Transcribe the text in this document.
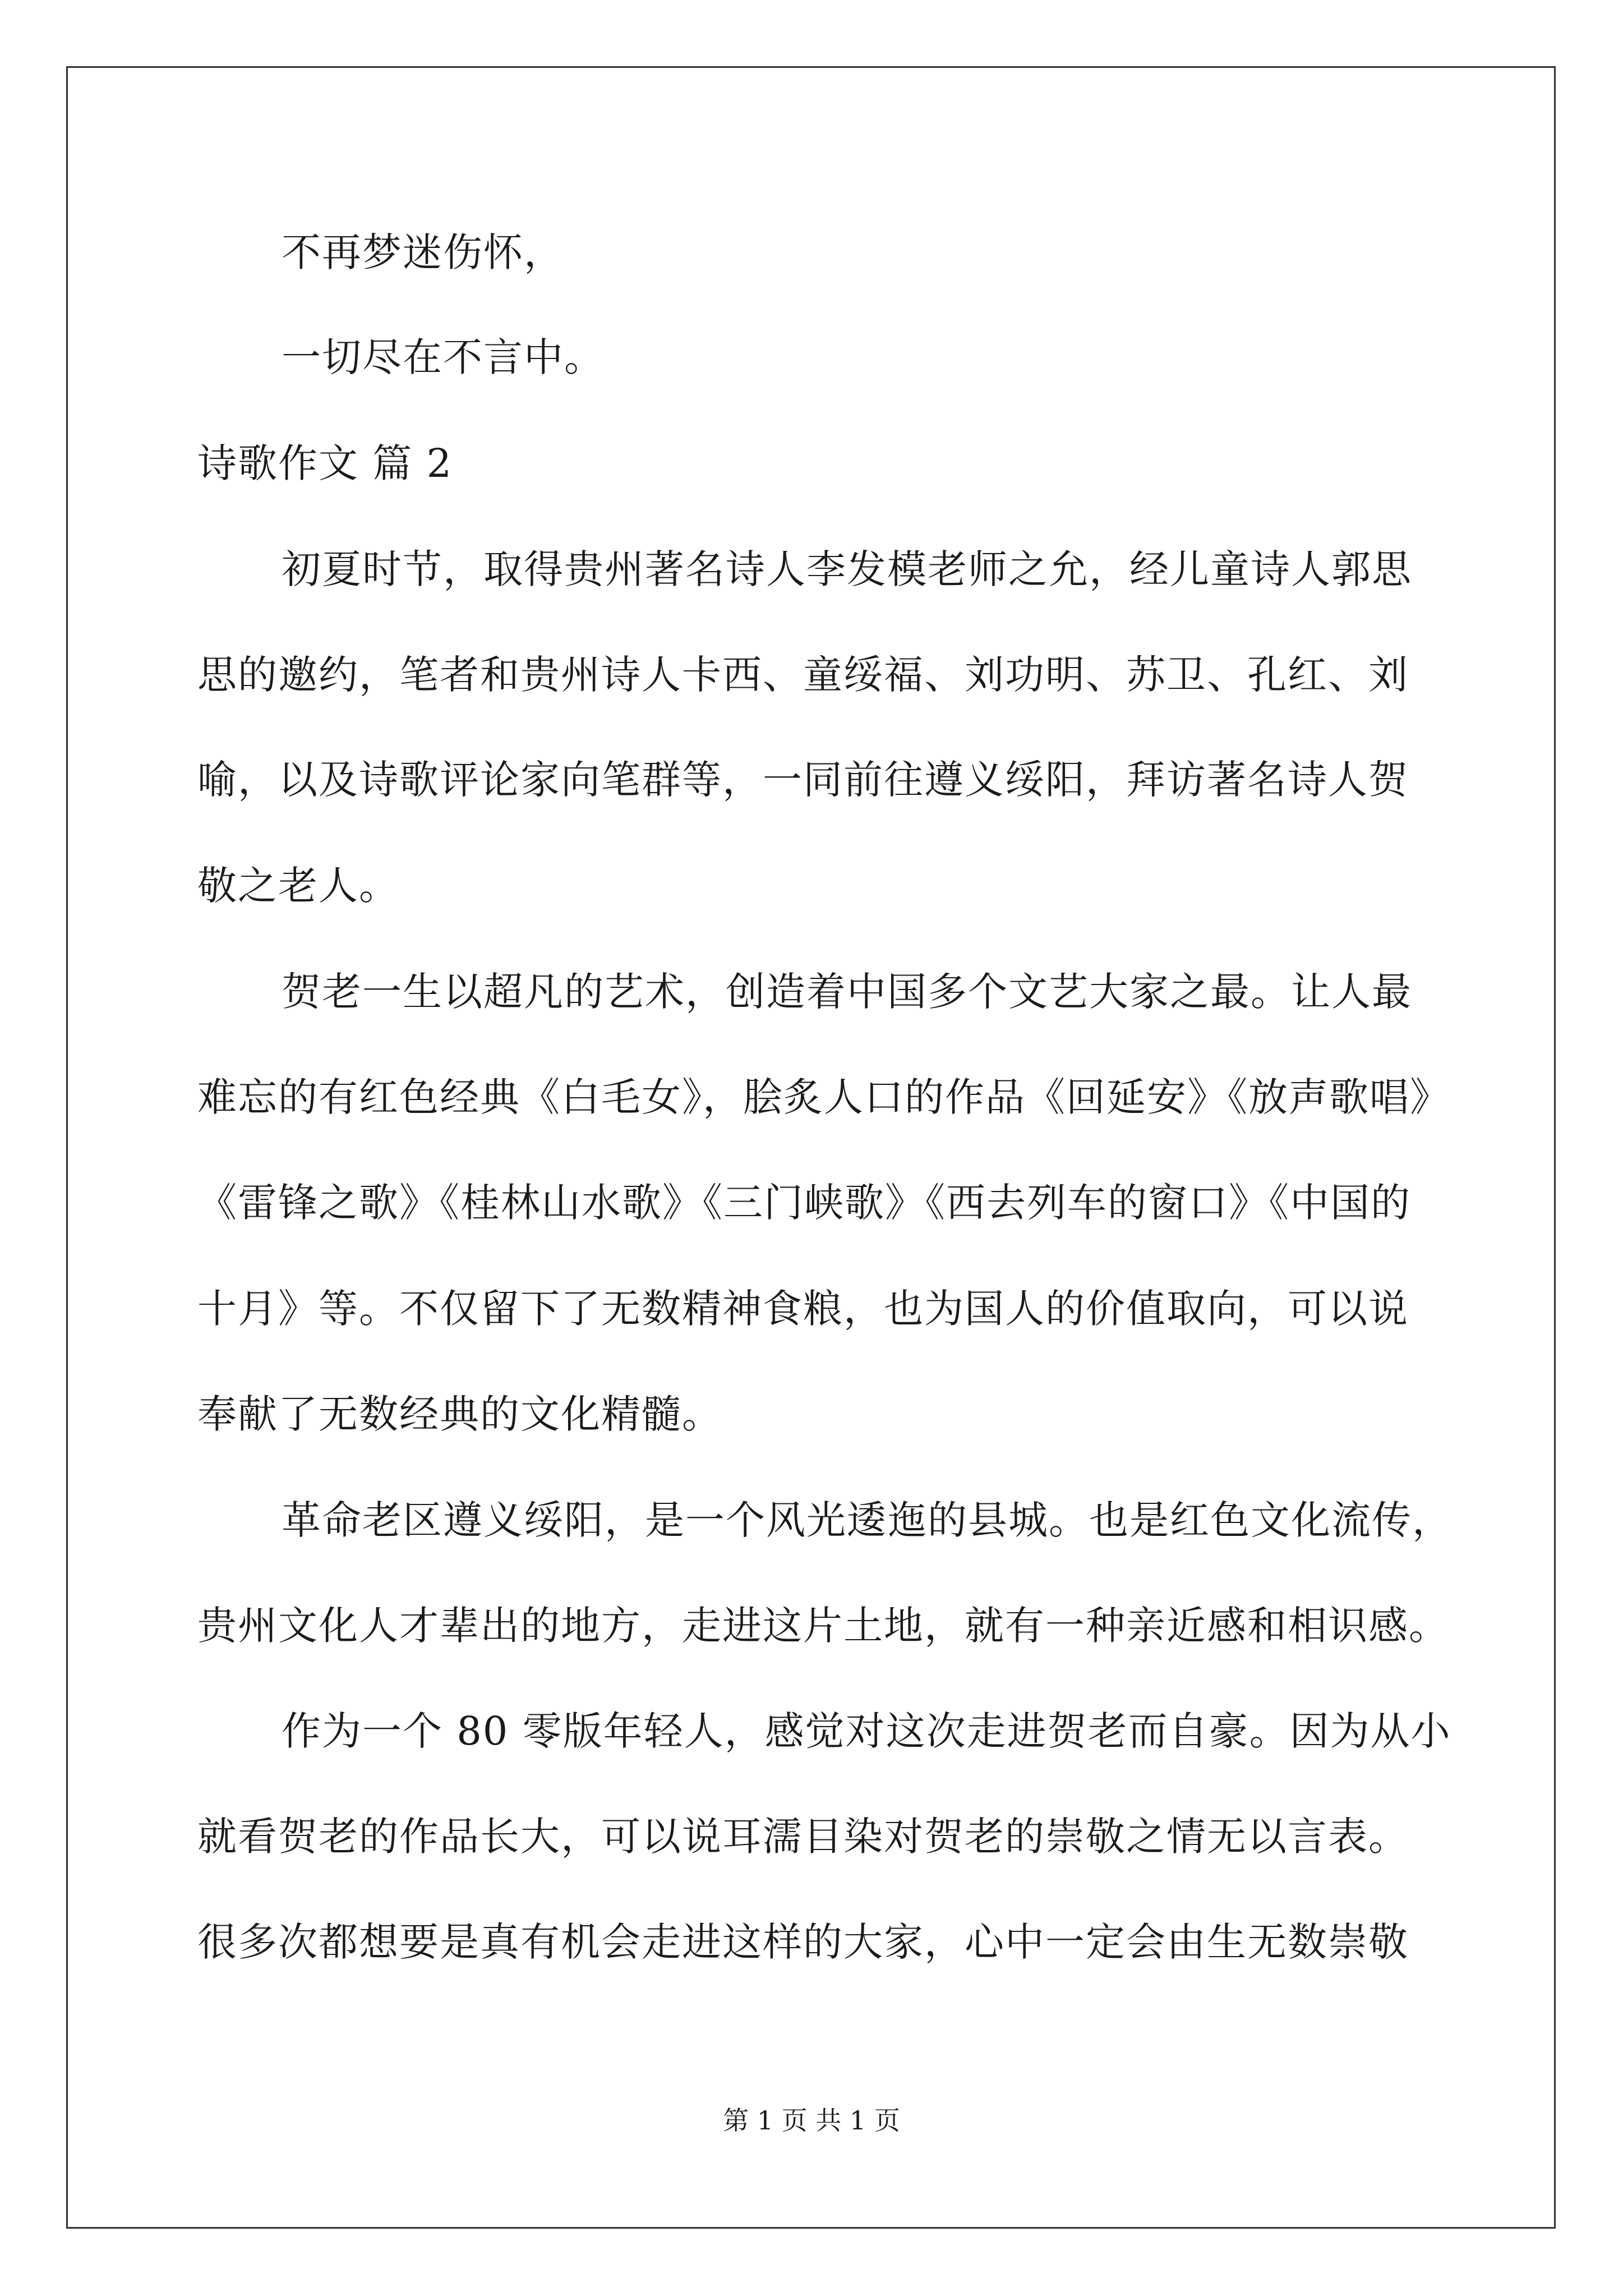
不再梦迷伤怀，
一切尽在不言中。
诗歌作文 篇 2
初夏时节，取得贵州著名诗人李发模老师之允，经儿童诗人郭思
思的邀约，笔者和贵州诗人卡西、童绥福、刘功明、苏卫、孔红、刘
喻，以及诗歌评论家向笔群等，一同前往遵义绥阳，拜访著名诗人贺
敬之老人。
贺老一生以超凡的艺术，创造着中国多个文艺大家之最。让人最
难忘的有红色经典《白毛女》，脍炙人口的作品《回延安》《放声歌唱》
《雷锋之歌》《桂林山水歌》《三门峡歌》《西去列车的窗口》《中国的
十月》等。不仅留下了无数精神食粮，也为国人的价值取向，可以说
奉献了无数经典的文化精髓。
革命老区遵义绥阳，是一个风光逶迤的县城。也是红色文化流传，
贵州文化人才辈出的地方，走进这片土地，就有一种亲近感和相识感。
作为一个 80 零版年轻人，感觉对这次走进贺老而自豪。因为从小
就看贺老的作品长大，可以说耳濡目染对贺老的崇敬之情无以言表。
很多次都想要是真有机会走进这样的大家，心中一定会由生无数崇敬
第 1 页 共 1 页
